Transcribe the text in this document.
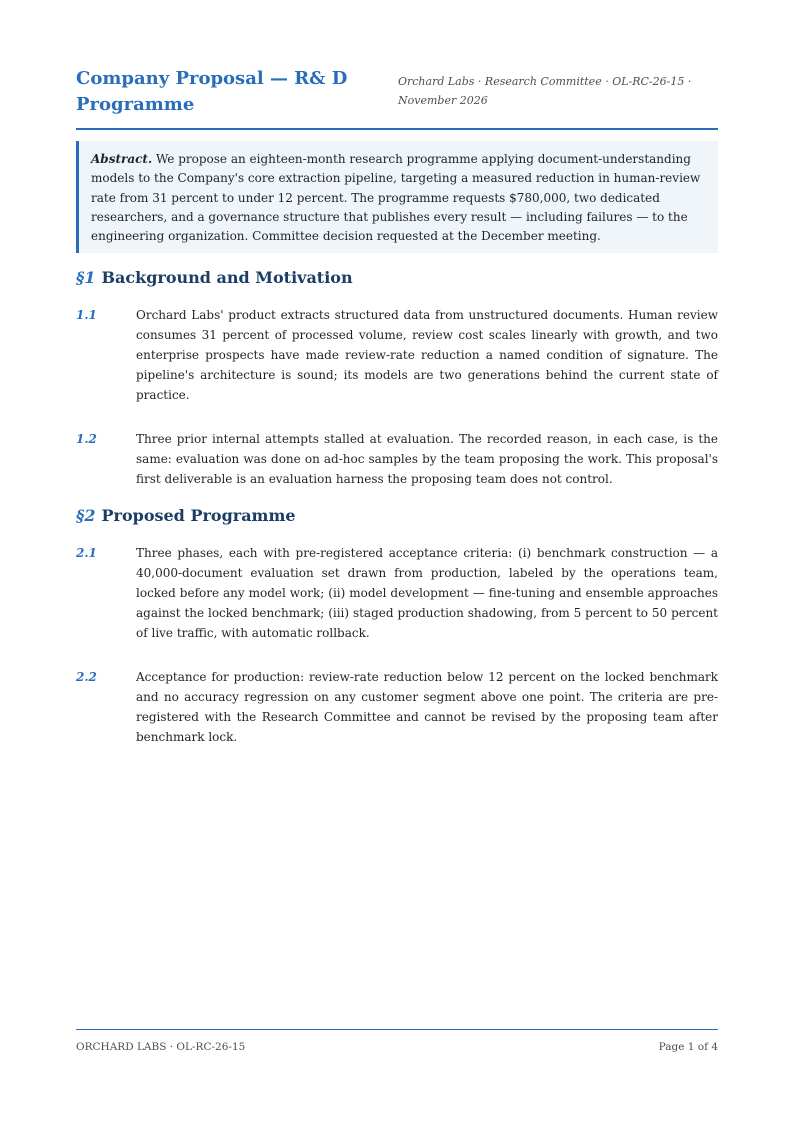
Company Proposal — R& D Programme
Orchard Labs · Research Committee · OL-RC-26-15 · November 2026
Abstract. We propose an eighteen-month research programme applying document-understanding models to the Company's core extraction pipeline, targeting a measured reduction in human-review rate from 31 percent to under 12 percent. The programme requests $780,000, two dedicated researchers, and a governance structure that publishes every result — including failures — to the engineering organization. Committee decision requested at the December meeting.
§1 Background and Motivation
1.1	Orchard Labs' product extracts structured data from unstructured documents. Human review consumes 31 percent of processed volume, review cost scales linearly with growth, and two enterprise prospects have made review-rate reduction a named condition of signature. The pipeline's architecture is sound; its models are two generations behind the current state of practice.

1.2	Three prior internal attempts stalled at evaluation. The recorded reason, in each case, is the same: evaluation was done on ad-hoc samples by the team proposing the work. This proposal's first deliverable is an evaluation harness the proposing team does not control.

§2 Proposed Programme
2.1	Three phases, each with pre-registered acceptance criteria: (i) benchmark construction — a 40,000-document evaluation set drawn from production, labeled by the operations team, locked before any model work; (ii) model development — fine-tuning and ensemble approaches against the locked benchmark; (iii) staged production shadowing, from 5 percent to 50 percent of live traffic, with automatic rollback.

2.2	Acceptance for production: review-rate reduction below 12 percent on the locked benchmark and no accuracy regression on any customer segment above one point. The criteria are pre-registered with the Research Committee and cannot be revised by the proposing team after benchmark lock.

ORCHARD LABS · OL-RC-26-15	Page 1 of 4
